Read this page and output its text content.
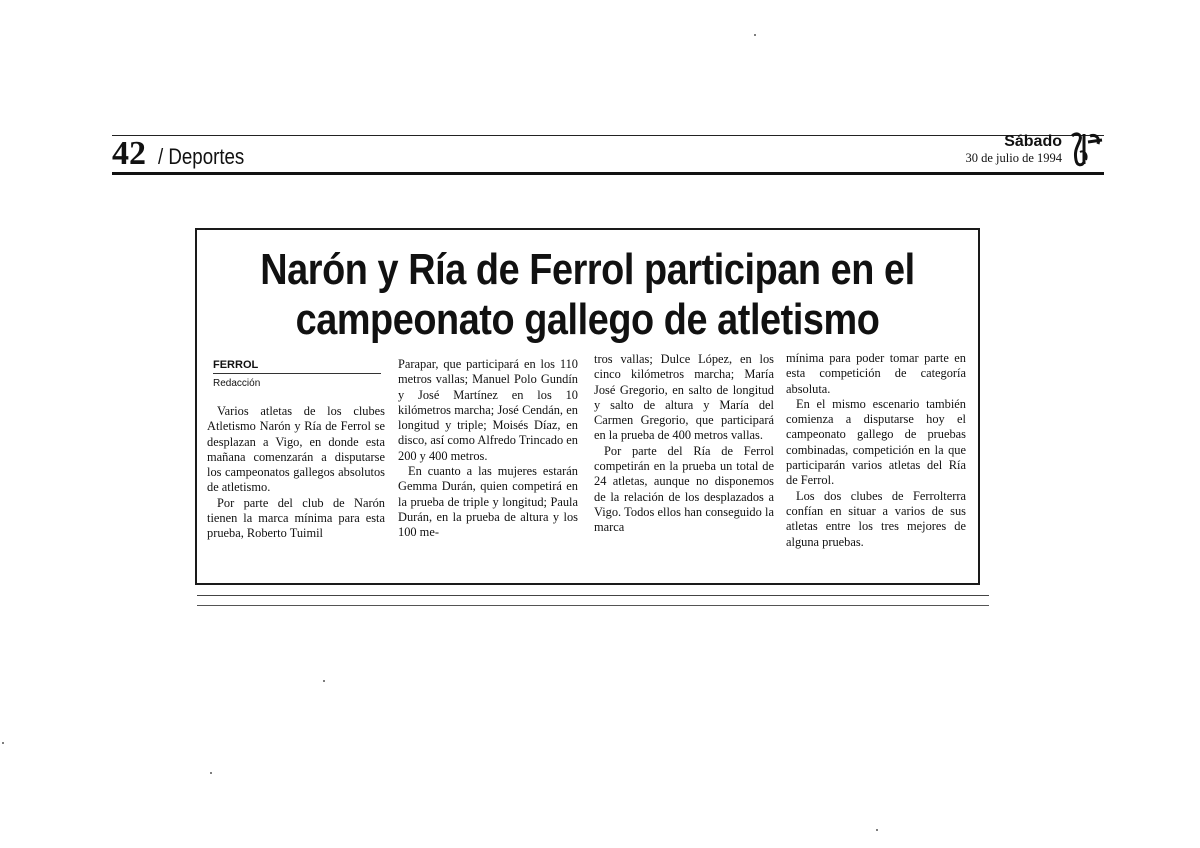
42 / Deportes
Sábado
30 de julio de 1994
Narón y Ría de Ferrol participan en el
campeonato gallego de atletismo
FERROL
Redacción

Varios atletas de los clubes Atletismo Narón y Ría de Ferrol se desplazan a Vigo, en donde esta mañana comenzarán a disputarse los campeonatos gallegos absolutos de atletismo.

Por parte del club de Narón tienen la marca mínima para esta prueba, Roberto Tuimil

Parapar, que participará en los 110 metros vallas; Manuel Polo Gundín y José Martínez en los 10 kilómetros marcha; José Cendán, en longitud y triple; Moisés Díaz, en disco, así como Alfredo Trincado en 200 y 400 metros.

En cuanto a las mujeres estarán Gemma Durán, quien competirá en la prueba de triple y longitud; Paula Durán, en la prueba de altura y los 100 me-

tros vallas; Dulce López, en los cinco kilómetros marcha; María José Gregorio, en salto de longitud y salto de altura y María del Carmen Gregorio, que participará en la prueba de 400 metros vallas.

Por parte del Ría de Ferrol competirán en la prueba un total de 24 atletas, aunque no disponemos de la relación de los desplazados a Vigo. Todos ellos han conseguido la marca

mínima para poder tomar parte en esta competición de categoría absoluta.

En el mismo escenario también comienza a disputarse hoy el campeonato gallego de pruebas combinadas, competición en la que participarán varios atletas del Ría de Ferrol.

Los dos clubes de Ferrolterra confían en situar a varios de sus atletas entre los tres mejores de alguna pruebas.
